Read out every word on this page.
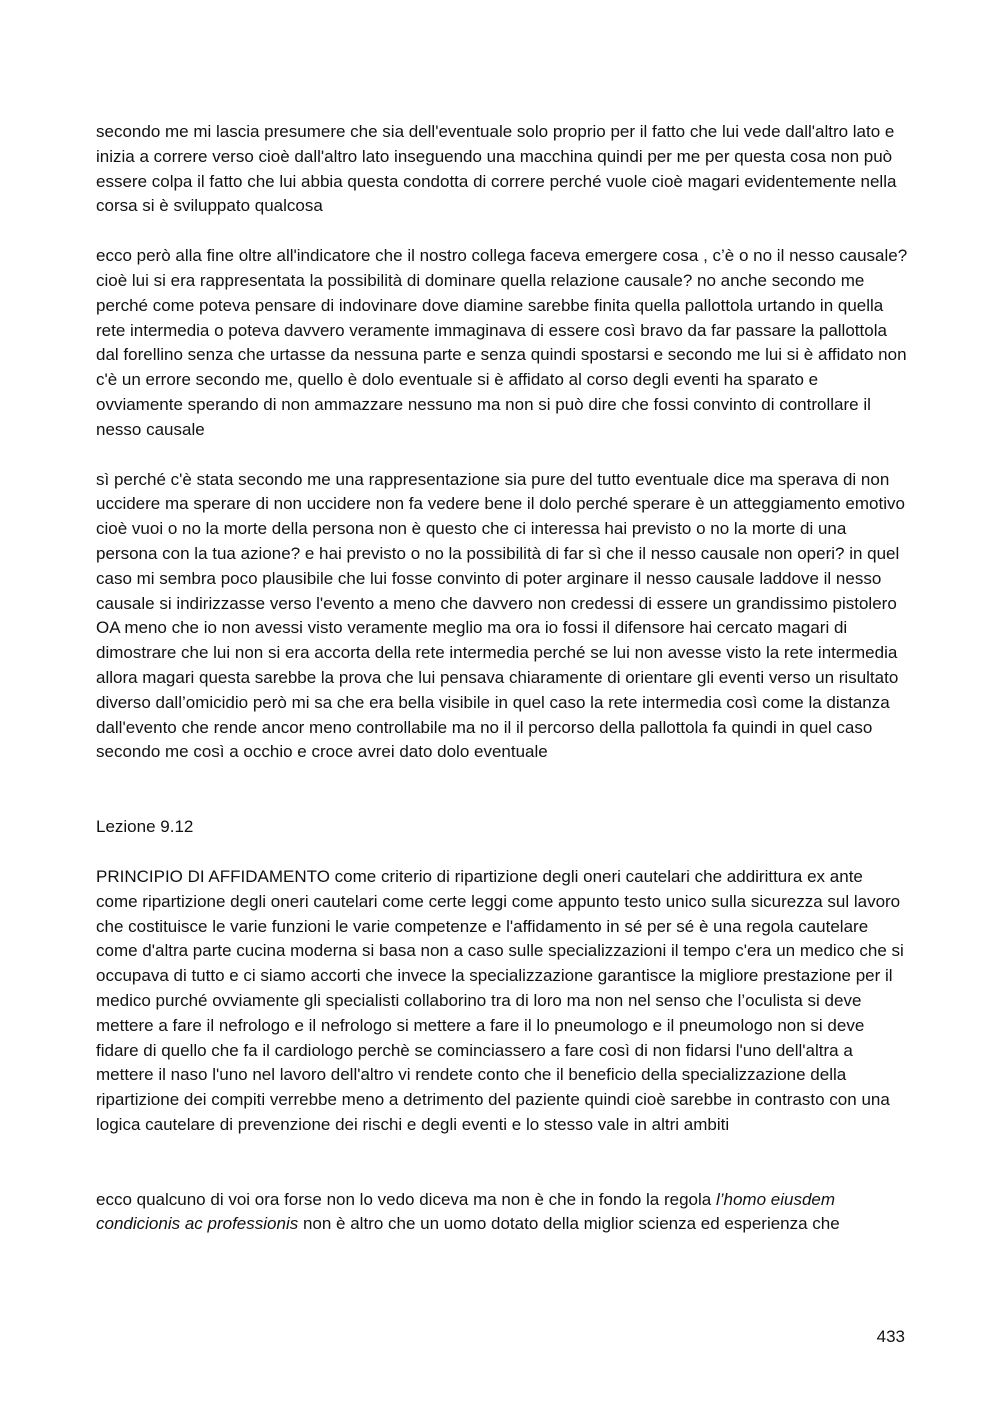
secondo me mi lascia presumere che sia dell'eventuale solo proprio per il fatto che lui vede dall'altro lato e inizia a correre verso cioè dall'altro lato inseguendo una macchina quindi per me per questa cosa non può essere colpa il fatto che lui abbia questa condotta di correre perché vuole cioè magari evidentemente nella corsa si è sviluppato qualcosa

ecco però alla fine oltre all'indicatore che il nostro collega faceva emergere cosa , c’è o no il nesso causale? cioè lui si era rappresentata la possibilità di dominare quella relazione causale? no anche secondo me perché come poteva pensare di indovinare dove diamine sarebbe finita quella pallottola urtando in quella rete intermedia o poteva davvero veramente immaginava di essere così bravo da far passare la pallottola dal forellino senza che urtasse da nessuna parte e senza quindi spostarsi e secondo me lui si è affidato non c'è un errore secondo me, quello è dolo eventuale si è affidato al corso degli eventi ha sparato e ovviamente sperando di non ammazzare nessuno ma non si può dire che fossi convinto di controllare il nesso causale

sì perché c'è stata secondo me una rappresentazione sia pure del tutto eventuale dice ma sperava di non uccidere ma sperare di non uccidere non fa vedere bene il dolo perché sperare è un atteggiamento emotivo cioè vuoi o no la morte della persona non è questo che ci interessa hai previsto o no la morte di una persona con la tua azione? e hai previsto o no la possibilità di far sì che il nesso causale non operi? in quel caso mi sembra poco plausibile che lui fosse convinto di poter arginare il nesso causale laddove il nesso causale si indirizzasse verso l'evento a meno che davvero non credessi di essere un grandissimo pistolero OA meno che io non avessi visto veramente meglio ma ora io fossi il difensore hai cercato magari di dimostrare che lui non si era accorta della rete intermedia perché se lui non avesse visto la rete intermedia allora magari questa sarebbe la prova che lui pensava chiaramente di orientare gli eventi verso un risultato diverso dall’omicidio però mi sa che era bella visibile in quel caso la rete intermedia così come la distanza dall'evento che rende ancor meno controllabile ma no il il percorso della pallottola fa quindi in quel caso secondo me così a occhio e croce avrei dato dolo eventuale

Lezione 9.12

PRINCIPIO DI AFFIDAMENTO come criterio di ripartizione degli oneri cautelari che addirittura ex ante come ripartizione degli oneri cautelari come certe leggi come appunto testo unico sulla sicurezza sul lavoro che costituisce le varie funzioni le varie competenze e l'affidamento in sé per sé è una regola cautelare come d'altra parte cucina moderna si basa non a caso sulle specializzazioni il tempo c'era un medico che si occupava di tutto e ci siamo accorti che invece la specializzazione garantisce la migliore prestazione per il medico purché ovviamente gli specialisti collaborino tra di loro ma non nel senso che l’oculista si deve mettere a fare il nefrologo e il nefrologo si mettere a fare il lo pneumologo e il pneumologo non si deve fidare di quello che fa il cardiologo perchè se cominciassero a fare così di non fidarsi l'uno dell'altra a mettere il naso l'uno nel lavoro dell'altro vi rendete conto che il beneficio della specializzazione della ripartizione dei compiti verrebbe meno a detrimento del paziente quindi cioè sarebbe in contrasto con una logica cautelare di prevenzione dei rischi e degli eventi e lo stesso vale in altri ambiti

ecco qualcuno di voi ora forse non lo vedo diceva ma non è che in fondo la regola l’homo eiusdem condicionis ac professionis non è altro che un uomo dotato della miglior scienza ed esperienza che

433
